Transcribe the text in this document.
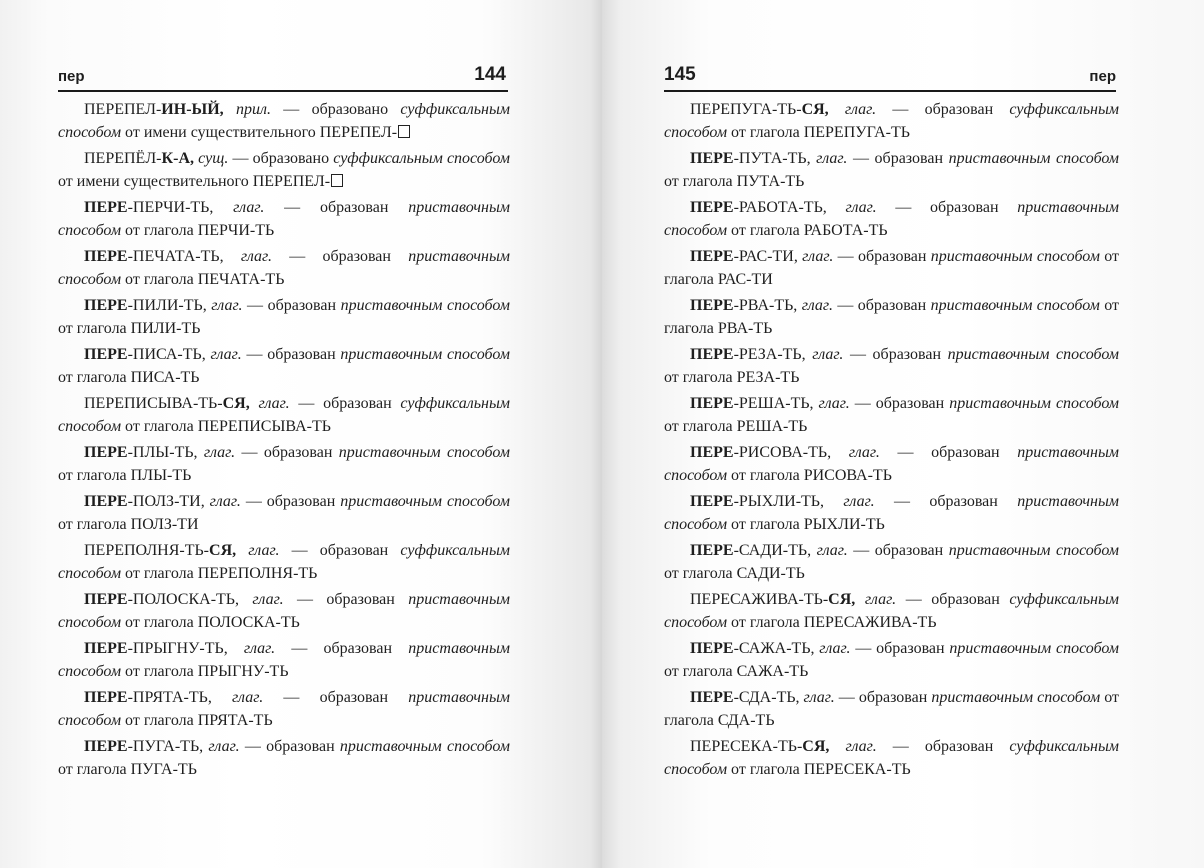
пер	144

ПЕРЕПЕЛ-ИН-ЫЙ, прил. — образовано суффиксальным способом от имени существительного ПЕРЕПЕЛ-

ПЕРЕПЁЛ-К-А, сущ. — образовано суффиксальным способом от имени существительного ПЕРЕПЕЛ-

ПЕРЕ-ПЕРЧИ-ТЬ, глаг. — образован приставочным способом от глагола ПЕРЧИ-ТЬ

ПЕРЕ-ПЕЧАТА-ТЬ, глаг. — образован приставочным способом от глагола ПЕЧАТА-ТЬ

ПЕРЕ-ПИЛИ-ТЬ, глаг. — образован приставочным способом от глагола ПИЛИ-ТЬ

ПЕРЕ-ПИСА-ТЬ, глаг. — образован приставочным способом от глагола ПИСА-ТЬ

ПЕРЕПИСЫВА-ТЬ-СЯ, глаг. — образован суффиксальным способом от глагола ПЕРЕПИСЫВА-ТЬ

ПЕРЕ-ПЛЫ-ТЬ, глаг. — образован приставочным способом от глагола ПЛЫ-ТЬ

ПЕРЕ-ПОЛЗ-ТИ, глаг. — образован приставочным способом от глагола ПОЛЗ-ТИ

ПЕРЕПОЛНЯ-ТЬ-СЯ, глаг. — образован суффиксальным способом от глагола ПЕРЕПОЛНЯ-ТЬ

ПЕРЕ-ПОЛОСКА-ТЬ, глаг. — образован приставочным способом от глагола ПОЛОСКА-ТЬ

ПЕРЕ-ПРЫГНУ-ТЬ, глаг. — образован приставочным способом от глагола ПРЫГНУ-ТЬ

ПЕРЕ-ПРЯТА-ТЬ, глаг. — образован приставочным способом от глагола ПРЯТА-ТЬ

ПЕРЕ-ПУГА-ТЬ, глаг. — образован приставочным способом от глагола ПУГА-ТЬ

145	пер

ПЕРЕПУГА-ТЬ-СЯ, глаг. — образован суффиксальным способом от глагола ПЕРЕПУГА-ТЬ

ПЕРЕ-ПУТА-ТЬ, глаг. — образован приставочным способом от глагола ПУТА-ТЬ

ПЕРЕ-РАБОТА-ТЬ, глаг. — образован приставочным способом от глагола РАБОТА-ТЬ

ПЕРЕ-РАС-ТИ, глаг. — образован приставочным способом от глагола РАС-ТИ

ПЕРЕ-РВА-ТЬ, глаг. — образован приставочным способом от глагола РВА-ТЬ

ПЕРЕ-РЕЗА-ТЬ, глаг. — образован приставочным способом от глагола РЕЗА-ТЬ

ПЕРЕ-РЕША-ТЬ, глаг. — образован приставочным способом от глагола РЕША-ТЬ

ПЕРЕ-РИСОВА-ТЬ, глаг. — образован приставочным способом от глагола РИСОВА-ТЬ

ПЕРЕ-РЫХЛИ-ТЬ, глаг. — образован приставочным способом от глагола РЫХЛИ-ТЬ

ПЕРЕ-САДИ-ТЬ, глаг. — образован приставочным способом от глагола САДИ-ТЬ

ПЕРЕСАЖИВА-ТЬ-СЯ, глаг. — образован суффиксальным способом от глагола ПЕРЕСАЖИВА-ТЬ

ПЕРЕ-САЖА-ТЬ, глаг. — образован приставочным способом от глагола САЖА-ТЬ

ПЕРЕ-СДА-ТЬ, глаг. — образован приставочным способом от глагола СДА-ТЬ

ПЕРЕСЕКА-ТЬ-СЯ, глаг. — образован суффиксальным способом от глагола ПЕРЕСЕКА-ТЬ
